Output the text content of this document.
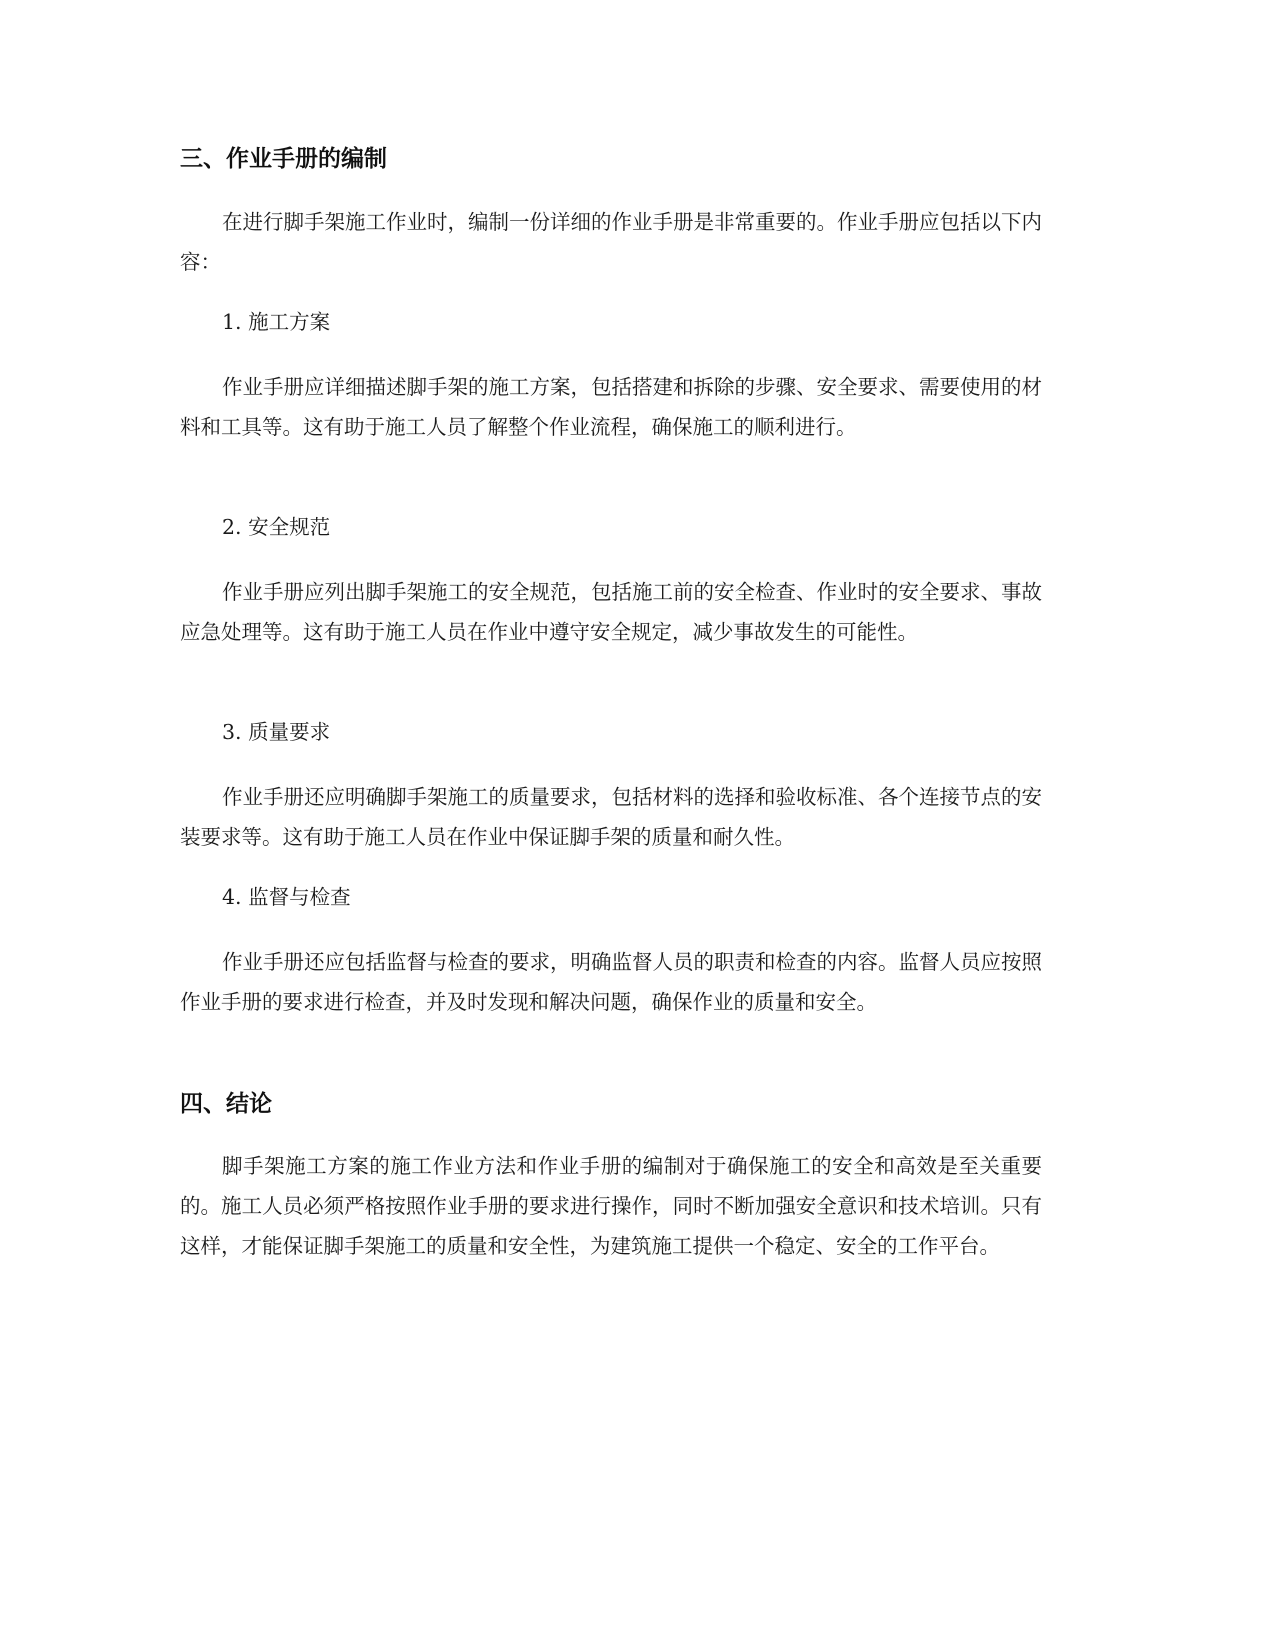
三、作业手册的编制

在进行脚手架施工作业时，编制一份详细的作业手册是非常重要的。作业手册应包括以下内容：

1. 施工方案

作业手册应详细描述脚手架的施工方案，包括搭建和拆除的步骤、安全要求、需要使用的材料和工具等。这有助于施工人员了解整个作业流程，确保施工的顺利进行。

2. 安全规范

作业手册应列出脚手架施工的安全规范，包括施工前的安全检查、作业时的安全要求、事故应急处理等。这有助于施工人员在作业中遵守安全规定，减少事故发生的可能性。

3. 质量要求

作业手册还应明确脚手架施工的质量要求，包括材料的选择和验收标准、各个连接节点的安装要求等。这有助于施工人员在作业中保证脚手架的质量和耐久性。

4. 监督与检查

作业手册还应包括监督与检查的要求，明确监督人员的职责和检查的内容。监督人员应按照作业手册的要求进行检查，并及时发现和解决问题，确保作业的质量和安全。

四、结论

脚手架施工方案的施工作业方法和作业手册的编制对于确保施工的安全和高效是至关重要的。施工人员必须严格按照作业手册的要求进行操作，同时不断加强安全意识和技术培训。只有这样，才能保证脚手架施工的质量和安全性，为建筑施工提供一个稳定、安全的工作平台。
